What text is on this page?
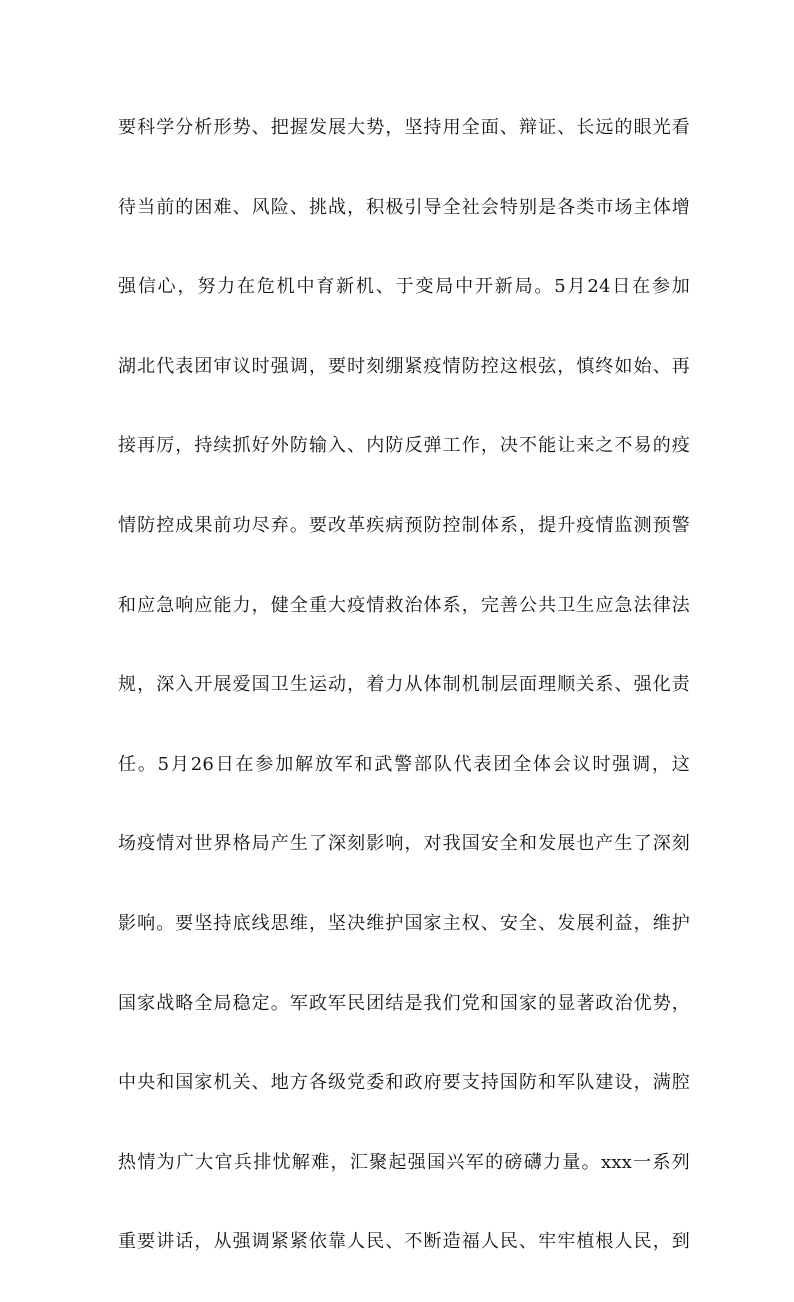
要科学分析形势、把握发展大势，坚持用全面、辩证、长远的眼光看
待当前的困难、风险、挑战，积极引导全社会特别是各类市场主体增
强信心，努力在危机中育新机、于变局中开新局。5月24日在参加
湖北代表团审议时强调，要时刻绷紧疫情防控这根弦，慎终如始、再
接再厉，持续抓好外防输入、内防反弹工作，决不能让来之不易的疫
情防控成果前功尽弃。要改革疾病预防控制体系，提升疫情监测预警
和应急响应能力，健全重大疫情救治体系，完善公共卫生应急法律法
规，深入开展爱国卫生运动，着力从体制机制层面理顺关系、强化责
任。5月26日在参加解放军和武警部队代表团全体会议时强调，这
场疫情对世界格局产生了深刻影响，对我国安全和发展也产生了深刻
影响。要坚持底线思维，坚决维护国家主权、安全、发展利益，维护
国家战略全局稳定。军政军民团结是我们党和国家的显著政治优势，
中央和国家机关、地方各级党委和政府要支持国防和军队建设，满腔
热情为广大官兵排忧解难，汇聚起强国兴军的磅礴力量。xxx一系列
重要讲话，从强调紧紧依靠人民、不断造福人民、牢牢植根人民，到
